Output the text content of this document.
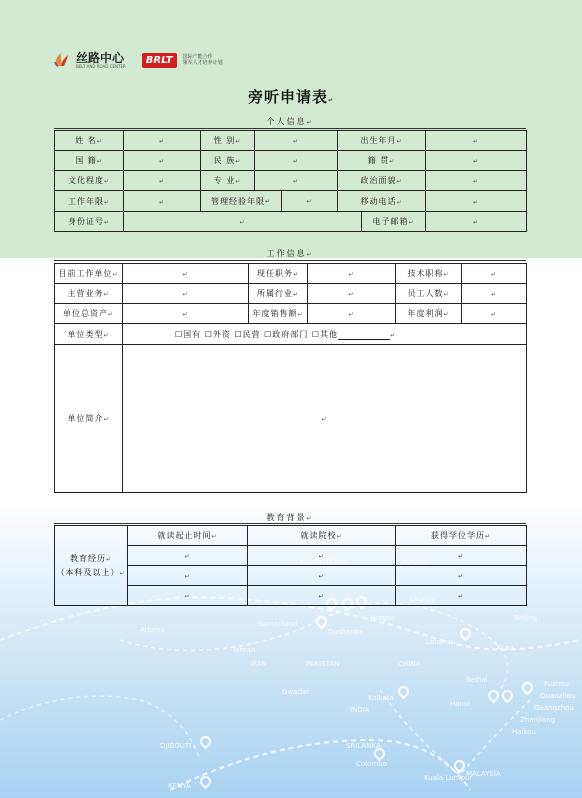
KAZAKHSTAN	RUSSIA
Horgos
Urumqi
Beijing
Samarkand
Dushanbe
Lanzhou
Xi'an
Tehran
IRAN	PAKISTAN	CHINA
Gwadar
Kolkata
Beihai	Fuzhou
Quanzhou
Guangzhou
Hanoi
Zhanjiang
Haikou
INDIA
DJIBOUTI	SRILANKA
Colombo
KENYA
Kuala Lumpur
MALAYSIA
Athens
丝路中心
BELT AND ROAD CENTER
BRLT	国际产能合作
领军人才培养计划
旁听申请表↵
个人信息↵
姓 名↵	↵	性 别↵	↵	出生年月↵		↵
国 籍↵	↵	民 族↵	↵	籍 贯↵		↵
文化程度↵	↵	专 业↵	↵	政治面貌↵		↵
工作年限↵	↵	管理经验年限 ↵ ↵		移动电话↵		↵
身份证号↵	↵				电子邮箱↵	↵
工作信息↵
目前工作单位↵	↵	现任职务↵	↵	技术职称↵	↵
主营业务↵	↵	所属行业↵	↵	员工人数↵	↵
单位总资产↵	↵	年度销售额↵	↵	年度利润↵	↵
单位类型↵	☐国有 ☐外资 ☐民营 ☐政府部门 ☐其他 ↵				
单位简介↵	↵				
教育背景↵
教育经历↵
（本科及以上）↵	就读起止时间↵	就读院校↵	获得学位学历↵
	↵	↵	↵
	↵	↵	↵
	↵	↵	↵
